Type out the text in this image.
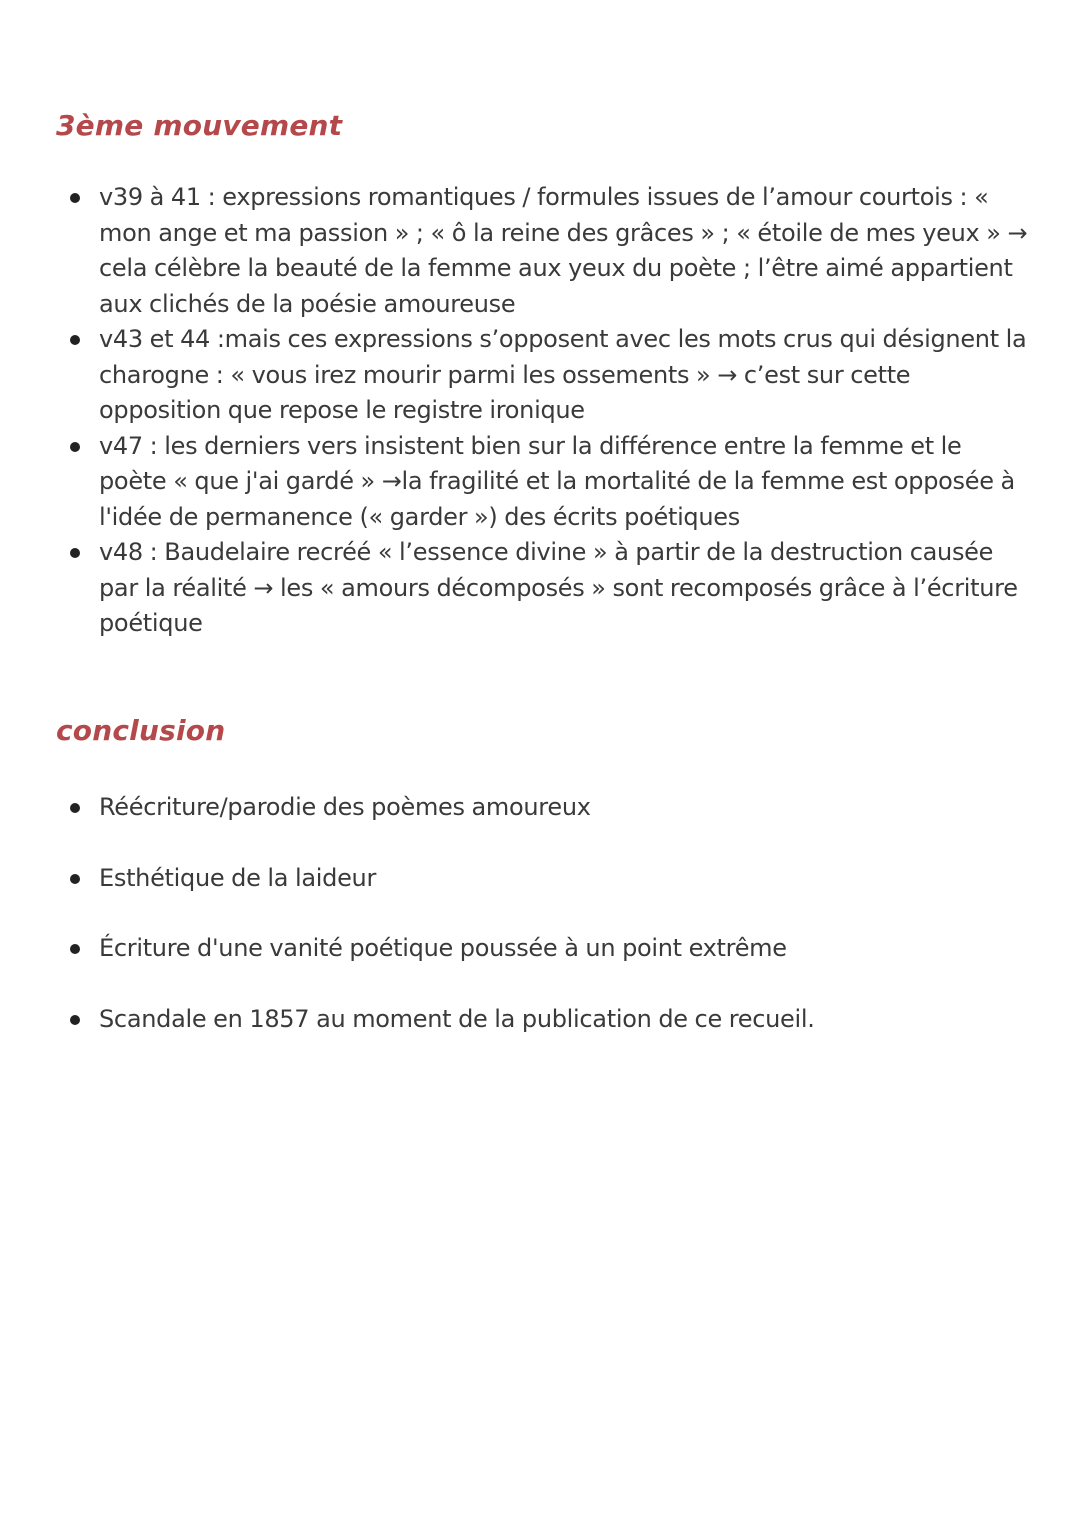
3ème mouvement
v39 à 41 : expressions romantiques / formules issues de l’amour courtois : « mon ange et ma passion » ; « ô la reine des grâces » ; « étoile de mes yeux » → cela célèbre la beauté de la femme aux yeux du poète ; l’être aimé appartient aux clichés de la poésie amoureuse
v43 et 44 :mais ces expressions s’opposent avec les mots crus qui désignent la charogne : « vous irez mourir parmi les ossements » → c’est sur cette opposition que repose le registre ironique
v47 : les derniers vers insistent bien sur la différence entre la femme et le poète « que j'ai gardé » →la fragilité et la mortalité de la femme est opposée à l'idée de permanence (« garder ») des écrits poétiques
v48 : Baudelaire recréé « l’essence divine » à partir de la destruction causée par la réalité → les « amours décomposés » sont recomposés grâce à l’écriture poétique
conclusion
Réécriture/parodie des poèmes amoureux
Esthétique de la laideur
Écriture d'une vanité poétique poussée à un point extrême
Scandale en 1857 au moment de la publication de ce recueil.
